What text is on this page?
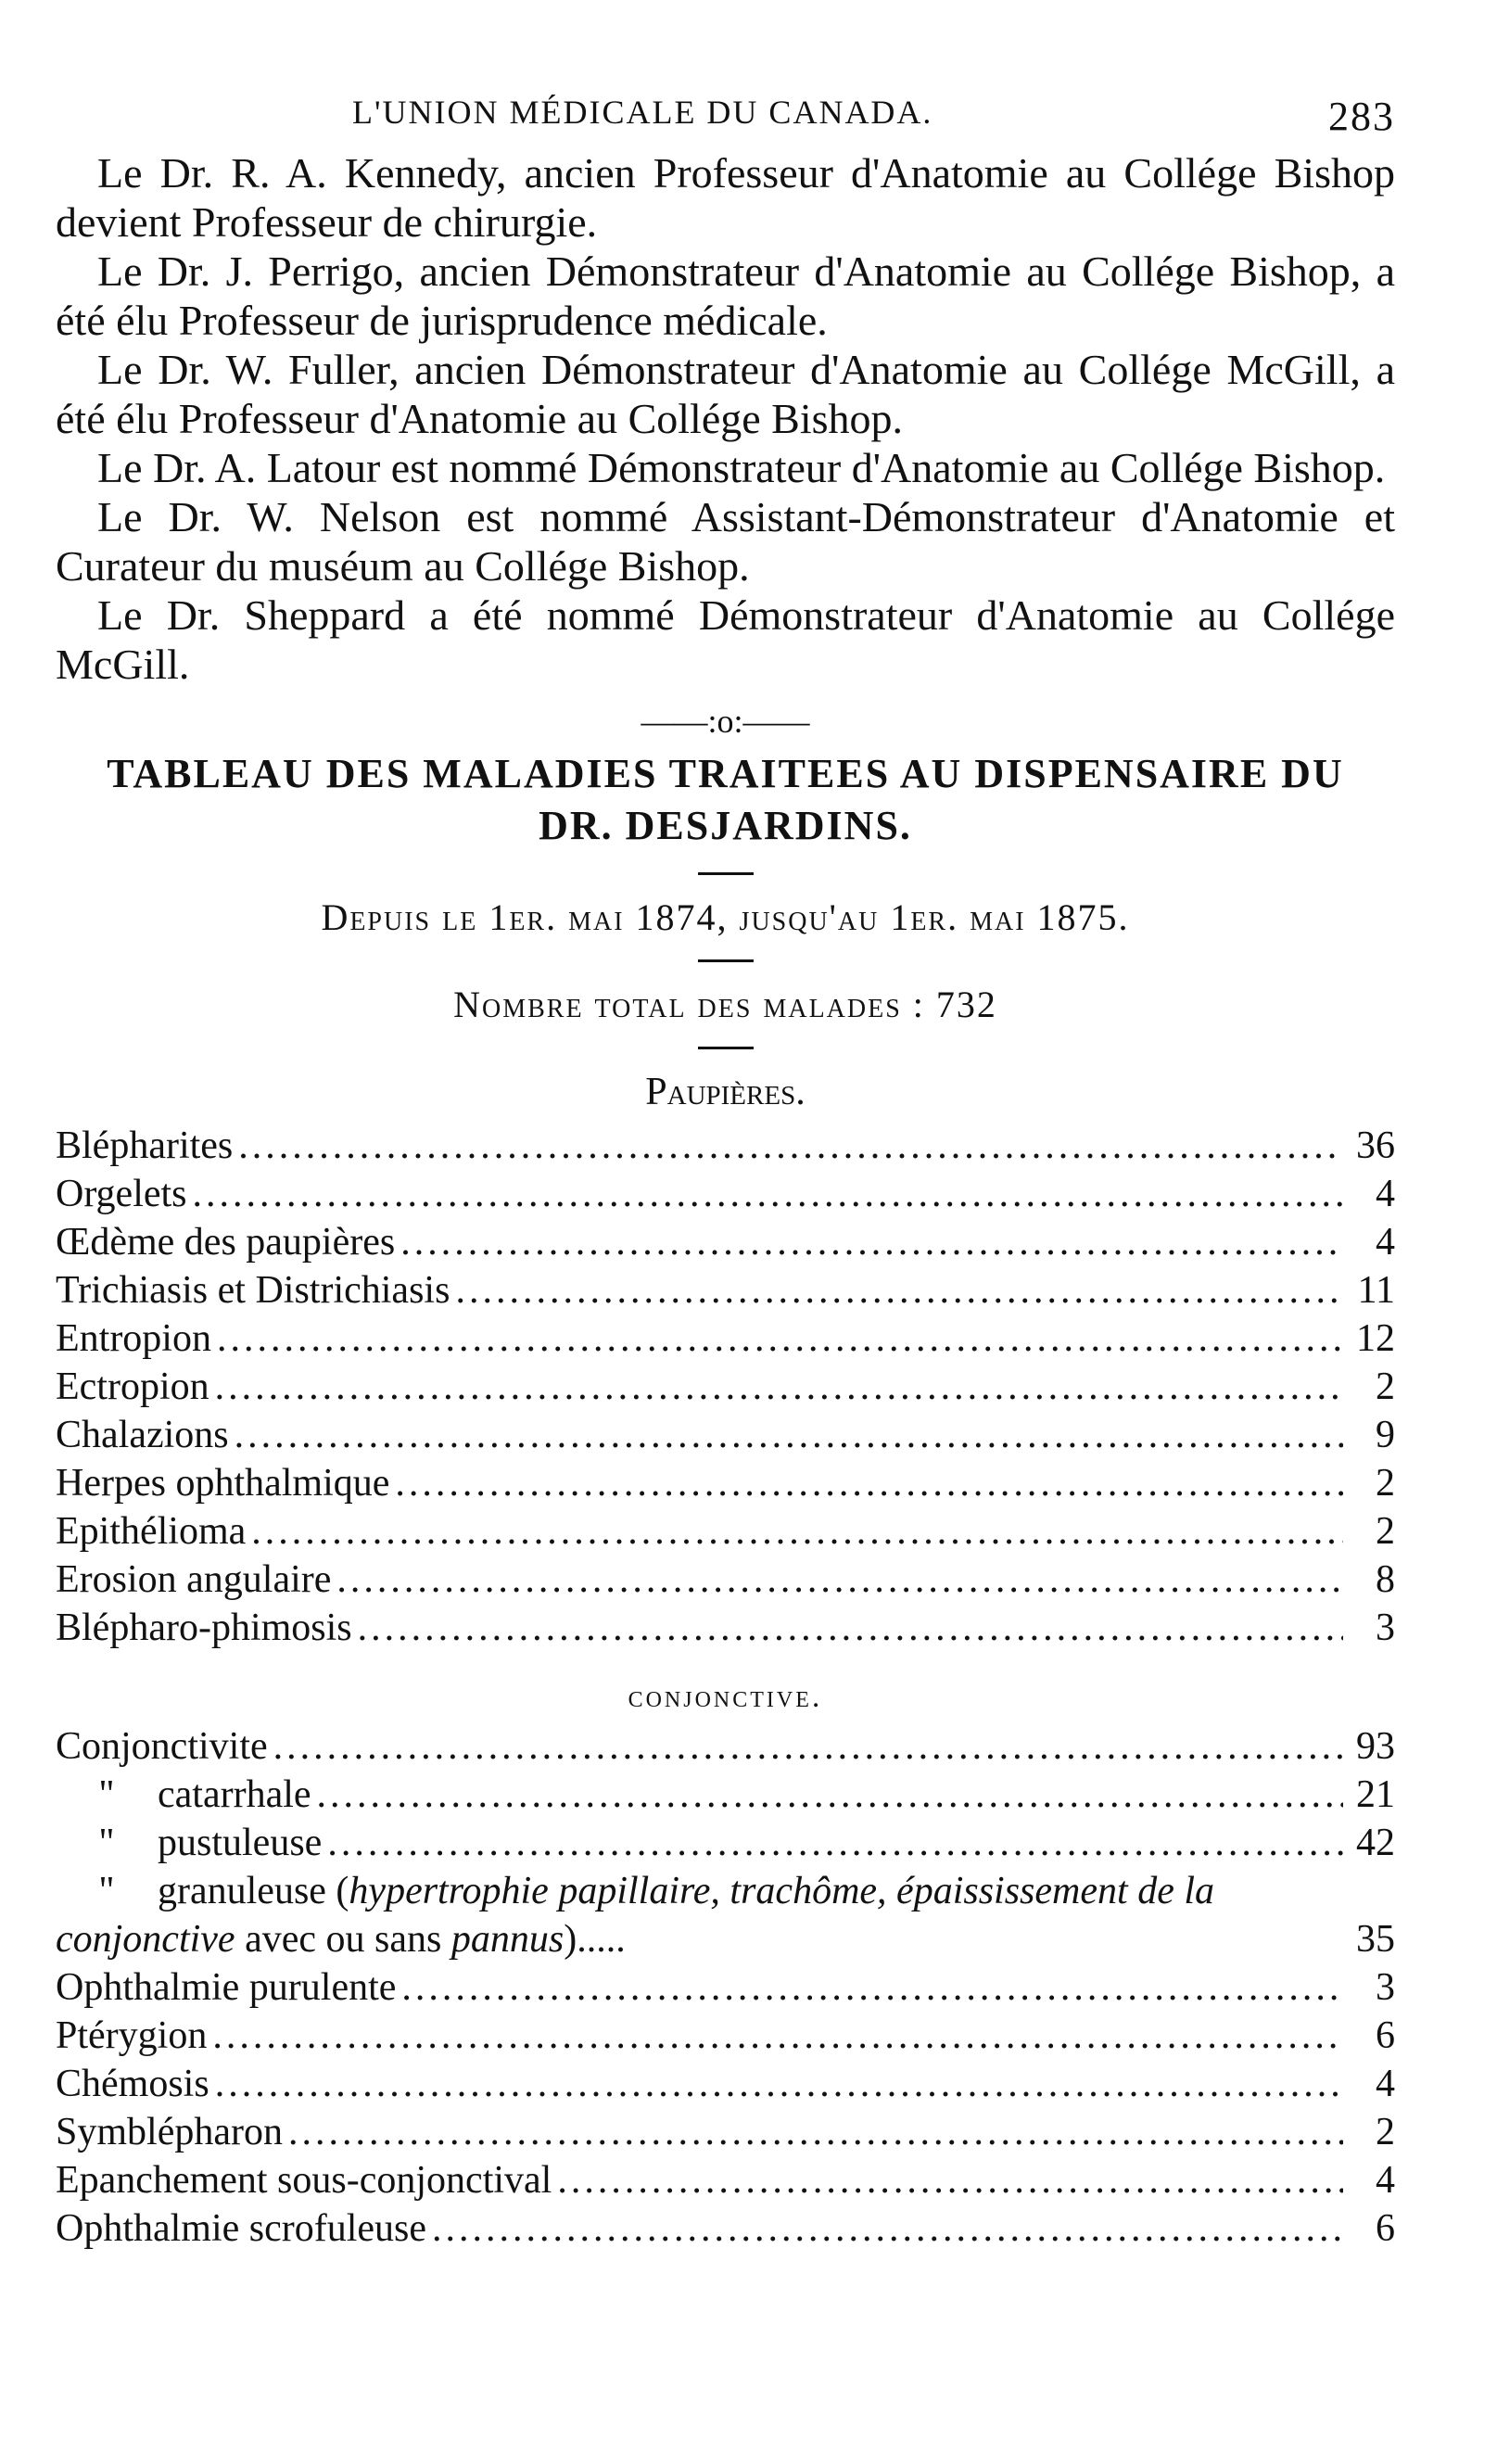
L'UNION MÉDICALE DU CANADA.	283

Le Dr. R. A. Kennedy, ancien Professeur d'Anatomie au Collége Bishop devient Professeur de chirurgie.

Le Dr. J. Perrigo, ancien Démonstrateur d'Anatomie au Collége Bishop, a été élu Professeur de jurisprudence médicale.

Le Dr. W. Fuller, ancien Démonstrateur d'Anatomie au Collége McGill, a été élu Professeur d'Anatomie au Collége Bishop.

Le Dr. A. Latour est nommé Démonstrateur d'Anatomie au Collége Bishop.

Le Dr. W. Nelson est nommé Assistant-Démonstrateur d'Anatomie et Curateur du muséum au Collége Bishop.

Le Dr. Sheppard a été nommé Démonstrateur d'Anatomie au Collége McGill.

——:o:——

TABLEAU DES MALADIES TRAITEES AU DISPENSAIRE DU

DR. DESJARDINS.

Depuis le 1er. mai 1874, jusqu'au 1er. mai 1875.

Nombre total des malades : 732

Paupières.
Blépharites .....	36
Orgelets .....	4
Œdème des paupières .....	4
Trichiasis et Districhiasis .....	11
Entropion .....	12
Ectropion .....	2
Chalazions .....	9
Herpes ophthalmique .....	2
Epithélioma .....	2
Erosion angulaire .....	8
Blépharo-phimosis .....	3
conjonctive.
Conjonctivite .....	93
" catarrhale .....	21
" pustuleuse .....	42
" granuleuse (hypertrophie papillaire, trachôme, épaississement de la conjonctive avec ou sans pannus).....	35
Ophthalmie purulente .....	3
Ptérygion .....	6
Chémosis .....	4
Symblépharon .....	2
Epanchement sous-conjonctival .....	4
Ophthalmie scrofuleuse .....	6
